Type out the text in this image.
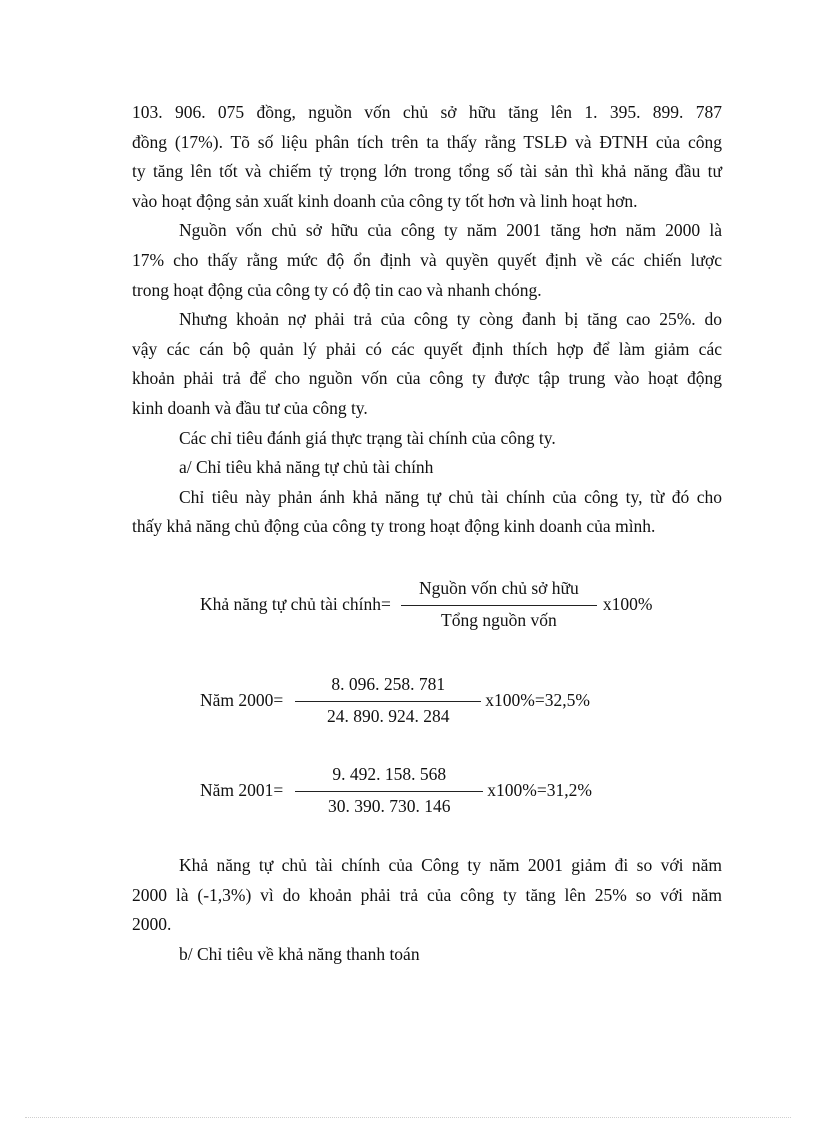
103. 906. 075 đồng, nguồn vốn chủ sở hữu tăng lên 1. 395. 899. 787
đồng (17%). Tõ số liệu phân tích trên ta thấy rằng TSLĐ và ĐTNH của công
ty tăng lên tốt và chiếm tỷ trọng lớn trong tổng số tài sản thì khả năng đầu tư
vào hoạt động sản xuất kinh doanh của công ty tốt hơn và linh hoạt hơn.

Nguồn vốn chủ sở hữu của công ty năm 2001 tăng hơn năm 2000 là
17% cho thấy rằng mức độ ổn định và quyền quyết định về các chiến lược
trong hoạt động của công ty có độ tin cao và nhanh chóng.

Nhưng khoản nợ phải trả của công ty còng đanh bị tăng cao 25%. do
vậy các cán bộ quản lý phải có các quyết định thích hợp để làm giảm các
khoản phải trả để cho nguồn vốn của công ty được tập trung vào hoạt động
kinh doanh và đầu tư của công ty.

Các chỉ tiêu đánh giá thực trạng tài chính của công ty.

a/ Chỉ tiêu khả năng tự chủ tài chính

Chỉ tiêu này phản ánh khả năng tự chủ tài chính của công ty, từ đó cho
thấy khả năng chủ động của công ty trong hoạt động kinh doanh của mình.

Khả năng tự chủ tài chính= $\frac{\text{Nguồn vốn chủ sở hữu}}{\text{Tổng nguồn vốn}} x100\%$
Năm $2000= \frac{8. 096. 258. 781}{24. 890. 924. 284} x100\%=32,5\%$
Năm $2001= \frac{9. 492. 158. 568}{30. 390. 730. 146} x100\%=31,2\%$

Khả năng tự chủ tài chính của Công ty năm 2001 giảm đi so với năm
2000 là (-1,3%) vì do khoản phải trả của công ty tăng lên 25% so với năm
2000.

b/ Chỉ tiêu về khả năng thanh toán
